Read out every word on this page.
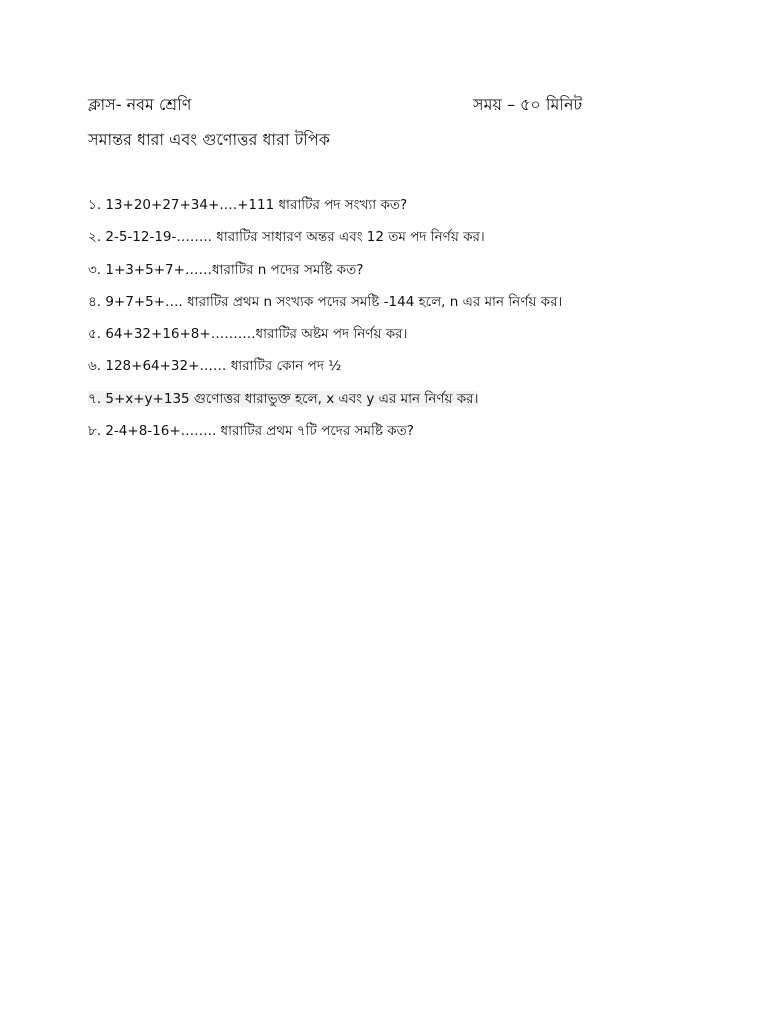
ক্লাস- নবম শ্রেণি	সময় – ৫০ মিনিট
সমান্তর ধারা এবং গুণোত্তর ধারা টপিক
১. 13+20+27+34+….+111 ধারাটির পদ সংখ্যা কত?
২. 2-5-12-19-…….. ধারাটির সাধারণ অন্তর এবং 12 তম পদ নির্ণয় কর।
৩. 1+3+5+7+……ধারাটির n পদের সমষ্টি কত?
৪. 9+7+5+…. ধারাটির প্রথম n সংখ্যক পদের সমষ্টি -144 হলে, n এর মান নির্ণয় কর।
৫. 64+32+16+8+……….ধারাটির অষ্টম পদ নির্ণয় কর।
৬. 128+64+32+…… ধারাটির কোন পদ ½
৭. 5+x+y+135 গুণোত্তর ধারাভুক্ত হলে, x এবং y এর মান নির্ণয় কর।
৮. 2-4+8-16+…….. ধারাটির প্রথম ৭টি পদের সমষ্টি কত?
